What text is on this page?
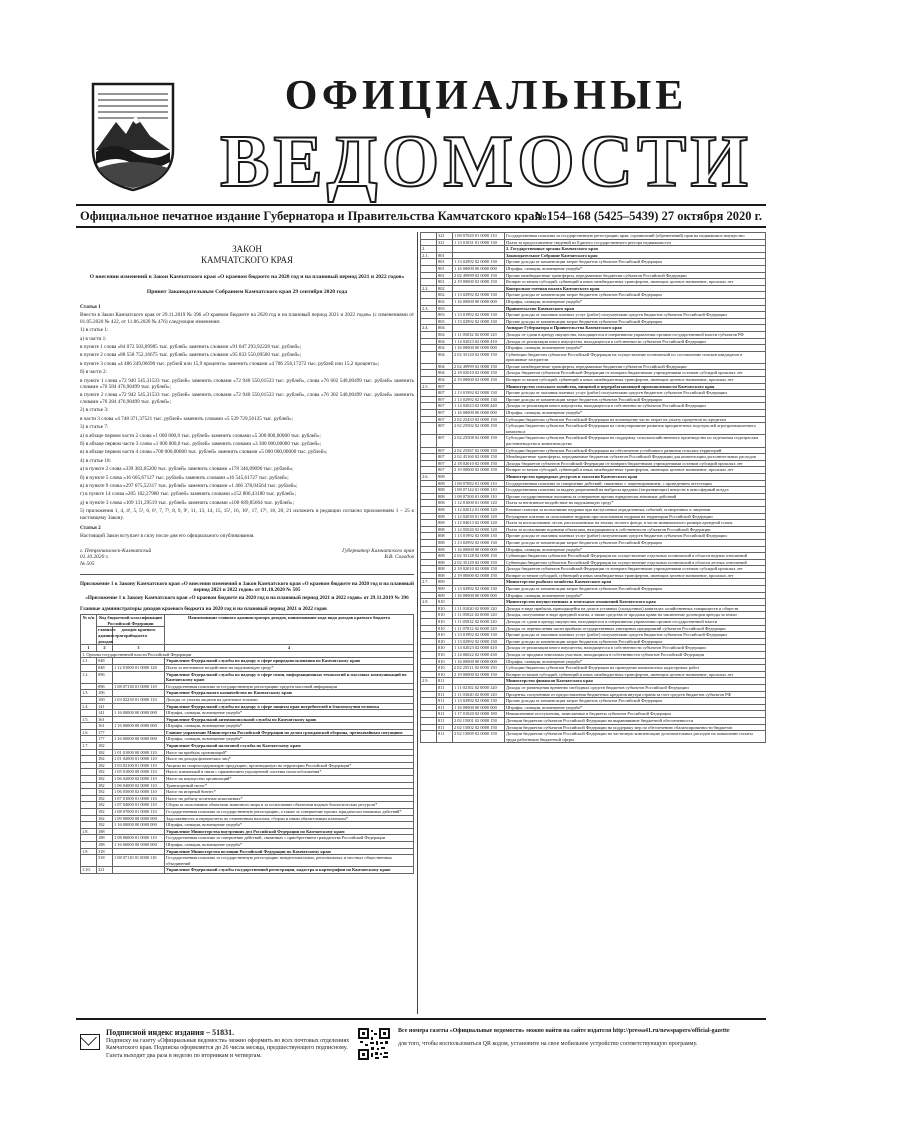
ОФИЦИАЛЬНЫЕ
ВЕДОМОСТИ
Официальное печатное издание Губернатора и Правительства Камчатского края
№154–168 (5425–5439) 27 октября 2020 г.
ЗАКОН
КАМЧАТСКОГО КРАЯ
О внесении изменений в Закон Камчатского края «О краевом бюджете на 2020 год и на плановый период 2021 и 2022 годов»
Принят Законодательным Собранием Камчатского края 29 сентября 2020 года
Статья 1
Внести в Закон Камчатского края от 29.11.2019 № 396 «О краевом бюджете на 2020 год и на плановый период 2021 и 2022 годов» (с изменениями от 01.05.2020 № 422, от 11.06.2020 № 476) следующие изменения:
1) в статье 1:
а) в части 1:
в пункте 1 слова «84 072 503,09985 тыс. рублей» заменить словами «91 047 293,92228 тыс. рублей»;
в пункте 2 слова «88 558 752,16675 тыс. рублей» заменить словами «95 833 550,09500 тыс. рублей»;
в пункте 3 слова «4 486 249,06690 тыс. рублей или 15,9 процента» заменить словами «4 786 256,17272 тыс. рублей или 15,2 процента»;
б) в части 2:
в пункте 1 слова «72 940 545,31533 тыс. рублей» заменить словами «72 940 550,01533 тыс. рублей», слова «76 602 548,00499 тыс. рублей» заменить словами «76 584 476,90499 тыс. рублей»;
в пункте 2 слова «72 942 545,31533 тыс. рублей» заменить словами «72 940 550,01533 тыс. рублей», слова «76 302 548,00499 тыс. рублей» заменить словами «76 284 476,90499 тыс. рублей»;
2) в статье 3:
в части 3 слова «4 748 371,37521 тыс. рублей» заменить словами «5 539 729,56125 тыс. рублей»;
3) в статье 7:
а) в абзаце первом части 2 слова «1 000 000,0 тыс. рублей» заменить словами «5 300 000,00000 тыс. рублей»;
б) в абзаце первом части 3 слова «1 000 000,0 тыс. рублей» заменить словами «3 300 000,00000 тыс. рублей»;
в) в абзаце первом части 4 слова «700 000,00000 тыс. рублей» заменить словами «5 000 000,00000 тыс. рублей»;
4) в статье 18:
а) в пункте 2 слова «339 383,65200 тыс. рублей» заменить словами «178 346,89096 тыс. рублей»;
б) в пункте 5 слова «16 605,67127 тыс. рублей» заменить словами «16 545,61727 тыс. рублей»;
в) в пункте 9 слова «297 675,52317 тыс. рублей» заменить словами «1 466 378,04564 тыс. рублей»;
г) в пункте 14 слова «205 102,27980 тыс. рублей» заменить словами «152 806,43180 тыс. рублей»;
д) в пункте 3 слова «109 131,29519 тыс. рублей» заменить словами «100 689,85664 тыс. рублей»;
5) приложения 1, 4, 4¹, 5, 5¹, 6, 6¹, 7, 7¹, 8, 9, 9¹, 11, 13, 14, 15, 15¹, 16, 16¹, 17, 17¹, 18, 20, 21 изложить в редакции согласно приложениям 1 – 25 к настоящему Закону.
Статья 2
Настоящий Закон вступает в силу после дня его официального опубликования.
г. Петропавловск-Камчатский
01.10.2020 г.
№ 505
Губернатор Камчатского края
В.В. Солодов
Приложение 1 к Закону Камчатского края «О внесении изменений в Закон Камчатского края «О краевом бюджете на 2020 год и на плановый период 2021 и 2022 годов» от 01.10.2020 № 505
«Приложение 1 к Закону Камчатского края «О краевом бюджете на 2020 год и на плановый период 2021 и 2022 годов» от 29.11.2019 № 396
Главные администраторы доходов краевого бюджета на 2020 год и на плановый период 2021 и 2022 годов
№ п/п	Код бюджетной классификации Российской Федерации		Наименование главного администратора доходов, наименование кода вида доходов краевого бюджета
	главного администратора доходов	доходов краевого бюджета	
1	2	3	4
1. Органы государственной власти Российской Федерации			
1.1.	048		Управление Федеральной службы по надзору в сфере природопользования по Камчатскому краю
	048	1 12 01000 01 0000 120	Плата за негативное воздействие на окружающую среду*
1.2.	096		Управление Федеральной службы по надзору в сфере связи, информационных технологий и массовых коммуникаций по Камчатскому краю
	096	1 08 07130 01 0000 110	Государственная пошлина за государственную регистрацию средств массовой информации
1.3.	106		Управление Федерального казначейства по Камчатскому краю
	100	1 03 02230 01 0000 110	Доходы от уплаты акцизов на дизельное топливо
1.4.	141		Управление Федеральной службы по надзору в сфере защиты прав потребителей и благополучия человека
	141	1 16 00000 00 0000 000	Штрафы, санкции, возмещение ущерба*
1.5.	161		Управление Федеральной антимонопольной службы по Камчатскому краю
	161	1 16 00000 00 0000 000	Штрафы, санкции, возмещение ущерба*
1.6.	177		Главное управление Министерства Российской Федерации по делам гражданской обороны, чрезвычайным ситуациям
	177	1 16 00000 00 0000 000	Штрафы, санкции, возмещение ущерба*
1.7.	182		Управление Федеральной налоговой службы по Камчатскому краю
	182	1 01 01000 00 0000 110	Налог на прибыль организаций*
	182	1 01 02000 01 0000 110	Налог на доходы физических лиц*
	182	1 03 02100 01 0000 110	Акцизы на спиртосодержащую продукцию, производимую на территории Российской Федерации*
	182	1 05 01000 00 0000 110	Налог, взимаемый в связи с применением упрощенной системы налогообложения*
	182	1 06 02000 02 0000 110	Налог на имущество организаций*
	182	1 06 04000 02 0000 110	Транспортный налог*
	182	1 06 05000 02 0000 110	Налог на игорный бизнес*
	182	1 07 01000 01 0000 110	Налог на добычу полезных ископаемых*
	182	1 07 04000 01 0000 110	Сборы за пользование объектами животного мира и за пользование объектами водных биологических ресурсов*
	182	1 08 07000 01 0000 110	Государственная пошлина за государственную регистрацию, а также за совершение прочих юридически значимых действий*
	182	1 09 00000 00 0000 000	Задолженность и перерасчеты по отмененным налогам, сборам и иным обязательным платежам*
	182	1 16 00000 00 0000 000	Штрафы, санкции, возмещение ущерба*
1.8.	188		Управление Министерства внутренних дел Российской Федерации по Камчатскому краю
	188	1 08 06000 01 0000 110	Государственная пошлина за совершение действий, связанных с приобретением гражданства Российской Федерации
	188	1 16 00000 00 0000 000	Штрафы, санкции, возмещение ущерба*
1.9.	318		Управление Министерства юстиции Российской Федерации по Камчатскому краю
	318	1 08 07110 01 0000 110	Государственная пошлина за государственную регистрацию межрегиональных, региональных и местных общественных объединений
1.10.	321		Управление Федеральной службы государственной регистрации, кадастра и картографии по Камчатскому краю
	321	1 08 07020 01 0000 110	Государственная пошлина за государственную регистрацию прав, ограничений (обременений) прав на недвижимое имущество
	321	1 13 01031 01 0000 130	Плата за предоставление сведений из Единого государственного реестра недвижимости
2.			2. Государственные органы Камчатского края
2.1.	801		Законодательное Собрание Камчатского края
	801	1 13 02992 02 0000 130	Прочие доходы от компенсации затрат бюджетов субъектов Российской Федерации
	801	1 16 00000 00 0000 000	Штрафы, санкции, возмещение ущерба*
	801	2 02 49999 02 0000 150	Прочие межбюджетные трансферты, передаваемые бюджетам субъектов Российской Федерации
	801	2 19 00000 02 0000 150	Возврат остатков субсидий, субвенций и иных межбюджетных трансфертов, имеющих целевое назначение, прошлых лет
2.2.	802		Контрольно-счетная палата Камчатского края
	802	1 13 02992 02 0000 130	Прочие доходы от компенсации затрат бюджетов субъектов Российской Федерации
	802	1 16 00000 00 0000 000	Штрафы, санкции, возмещение ущерба*
2.3.	803		Правительство Камчатского края
	803	1 13 01992 02 0000 130	Прочие доходы от оказания платных услуг (работ) получателями средств бюджетов субъектов Российской Федерации
	803	1 13 02992 02 0000 130	Прочие доходы от компенсации затрат бюджетов субъектов Российской Федерации
2.4.	804		Аппарат Губернатора и Правительства Камчатского края
	804	1 11 05032 02 0000 120	Доходы от сдачи в аренду имущества, находящегося в оперативном управлении органов государственной власти субъектов РФ
	804	1 14 02023 02 0000 410	Доходы от реализации иного имущества, находящегося в собственности субъектов Российской Федерации
	804	1 16 00000 00 0000 000	Штрафы, санкции, возмещение ущерба*
	804	2 02 35120 02 0000 150	Субвенции бюджетам субъектов Российской Федерации на осуществление полномочий по составлению списков кандидатов в присяжные заседатели
	804	2 02 49999 02 0000 150	Прочие межбюджетные трансферты, передаваемые бюджетам субъектов Российской Федерации
	804	2 18 02010 02 0000 150	Доходы бюджетов субъектов Российской Федерации от возврата бюджетными учреждениями остатков субсидий прошлых лет
	804	2 19 00000 02 0000 150	Возврат остатков субсидий, субвенций и иных межбюджетных трансфертов, имеющих целевое назначение, прошлых лет
2.5.	807		Министерство сельского хозяйства, пищевой и перерабатывающей промышленности Камчатского края
	807	1 13 01992 02 0000 130	Прочие доходы от оказания платных услуг (работ) получателями средств бюджетов субъектов Российской Федерации
	807	1 13 02992 02 0000 130	Прочие доходы от компенсации затрат бюджетов субъектов Российской Федерации
	807	1 14 02023 02 0000 440	Доходы от реализации иного имущества, находящегося в собственности субъектов Российской Федерации
	807	1 16 00000 00 0000 000	Штрафы, санкции, возмещение ущерба*
	807	2 02 25433 02 0000 150	Субсидии бюджетам субъектов Российской Федерации на возмещение части затрат на уплату процентов по кредитам
	807	2 02 25502 02 0000 150	Субсидии бюджетам субъектов Российской Федерации на стимулирование развития приоритетных подотраслей агропромышленного комплекса
	807	2 02 25508 02 0000 150	Субсидии бюджетам субъектов Российской Федерации на поддержку сельскохозяйственного производства по отдельным подотраслям растениеводства и животноводства
	807	2 02 25567 02 0000 150	Субсидии бюджетам субъектов Российской Федерации на обеспечение устойчивого развития сельских территорий
	807	2 02 45160 02 0000 150	Межбюджетные трансферты, передаваемые бюджетам субъектов Российской Федерации для компенсации дополнительных расходов
	807	2 18 02010 02 0000 150	Доходы бюджетов субъектов Российской Федерации от возврата бюджетными учреждениями остатков субсидий прошлых лет
	807	2 19 00000 02 0000 150	Возврат остатков субсидий, субвенций и иных межбюджетных трансфертов, имеющих целевое назначение, прошлых лет
2.6.	808		Министерство природных ресурсов и экологии Камчатского края
	808	1 08 07082 01 0000 110	Государственная пошлина за совершение действий, связанных с лицензированием, с проведением аттестации
	808	1 08 07142 01 0000 110	Государственная пошлина за выдачу разрешений на выбросы вредных (загрязняющих) веществ в атмосферный воздух
	808	1 08 07300 01 0000 110	Прочие государственные пошлины за совершение прочих юридически значимых действий
	808	1 12 01000 01 0000 120	Плата за негативное воздействие на окружающую среду*
	808	1 12 02012 01 0000 120	Разовые платежи за пользование недрами при наступлении определенных событий, оговоренных в лицензии
	808	1 12 02030 01 0000 120	Регулярные платежи за пользование недрами при пользовании недрами на территории Российской Федерации
	808	1 12 04013 02 0000 120	Плата за использование лесов, расположенных на землях лесного фонда, в части минимального размера арендной платы
	808	1 12 05020 02 0000 120	Плата за пользование водными объектами, находящимися в собственности субъектов Российской Федерации
	808	1 13 01992 02 0000 130	Прочие доходы от оказания платных услуг (работ) получателями средств бюджетов субъектов Российской Федерации
	808	1 13 02992 02 0000 130	Прочие доходы от компенсации затрат бюджетов субъектов Российской Федерации
	808	1 16 00000 00 0000 000	Штрафы, санкции, возмещение ущерба*
	808	2 02 35128 02 0000 150	Субвенции бюджетам субъектов Российской Федерации на осуществление отдельных полномочий в области водных отношений
	808	2 02 35129 02 0000 150	Субвенции бюджетам субъектов Российской Федерации на осуществление отдельных полномочий в области лесных отношений
	808	2 18 02010 02 0000 150	Доходы бюджетов субъектов Российской Федерации от возврата бюджетными учреждениями остатков субсидий прошлых лет
	808	2 19 00000 02 0000 150	Возврат остатков субсидий, субвенций и иных межбюджетных трансфертов, имеющих целевое назначение, прошлых лет
2.7.	809		Министерство рыбного хозяйства Камчатского края
	809	1 13 02992 02 0000 130	Прочие доходы от компенсации затрат бюджетов субъектов Российской Федерации
	809	1 16 00000 00 0000 000	Штрафы, санкции, возмещение ущерба*
2.8.	810		Министерство имущественных и земельных отношений Камчатского края
	810	1 11 01020 02 0000 120	Доходы в виде прибыли, приходящейся на доли в уставных (складочных) капиталах хозяйственных товариществ и обществ
	810	1 11 05022 02 0000 120	Доходы, получаемые в виде арендной платы, а также средства от продажи права на заключение договоров аренды за земли
	810	1 11 05032 02 0000 120	Доходы от сдачи в аренду имущества, находящегося в оперативном управлении органов государственной власти
	810	1 11 07012 02 0000 120	Доходы от перечисления части прибыли государственных унитарных предприятий субъектов Российской Федерации
	810	1 13 01992 02 0000 130	Прочие доходы от оказания платных услуг (работ) получателями средств бюджетов субъектов Российской Федерации
	810	1 13 02992 02 0000 130	Прочие доходы от компенсации затрат бюджетов субъектов Российской Федерации
	810	1 14 02023 02 0000 410	Доходы от реализации иного имущества, находящегося в собственности субъектов Российской Федерации
	810	1 14 06022 02 0000 430	Доходы от продажи земельных участков, находящихся в собственности субъектов Российской Федерации
	810	1 16 00000 00 0000 000	Штрафы, санкции, возмещение ущерба*
	810	2 02 25511 02 0000 150	Субсидии бюджетам субъектов Российской Федерации на проведение комплексных кадастровых работ
	810	2 19 00000 02 0000 150	Возврат остатков субсидий, субвенций и иных межбюджетных трансфертов, имеющих целевое назначение, прошлых лет
2.9.	811		Министерство финансов Камчатского края
	811	1 11 02102 02 0000 120	Доходы от размещения временно свободных средств бюджетов субъектов Российской Федерации
	811	1 11 03020 02 0000 120	Проценты, полученные от предоставления бюджетных кредитов внутри страны за счет средств бюджетов субъектов РФ
	811	1 13 02992 02 0000 130	Прочие доходы от компенсации затрат бюджетов субъектов Российской Федерации
	811	1 16 00000 00 0000 000	Штрафы, санкции, возмещение ущерба*
	811	1 17 01020 02 0000 180	Невыясненные поступления, зачисляемые в бюджеты субъектов Российской Федерации
	811	2 02 15001 02 0000 150	Дотации бюджетам субъектов Российской Федерации на выравнивание бюджетной обеспеченности
	811	2 02 15002 02 0000 150	Дотации бюджетам субъектов Российской Федерации на поддержку мер по обеспечению сбалансированности бюджетов
	811	2 02 15009 02 0000 150	Дотации бюджетам субъектов Российской Федерации на частичную компенсацию дополнительных расходов на повышение оплаты труда работников бюджетной сферы
Подписной индекс издания – 51831.
Подписку на газету «Официальные ведомости» можно оформить во всех почтовых отделениях Камчатского края. Подписка оформляется до 26 числа месяца, предшествующего подписному.
Газета выходит два раза в неделю по вторникам и четвергам.
Все номера газеты «Официальные ведомости» можно найти на сайте издателя http://pressa41.ru/newspapers/official-gazette
для того, чтобы воспользоваться QR кодом, установите на свое мобильное устройство соответствующую программу.
